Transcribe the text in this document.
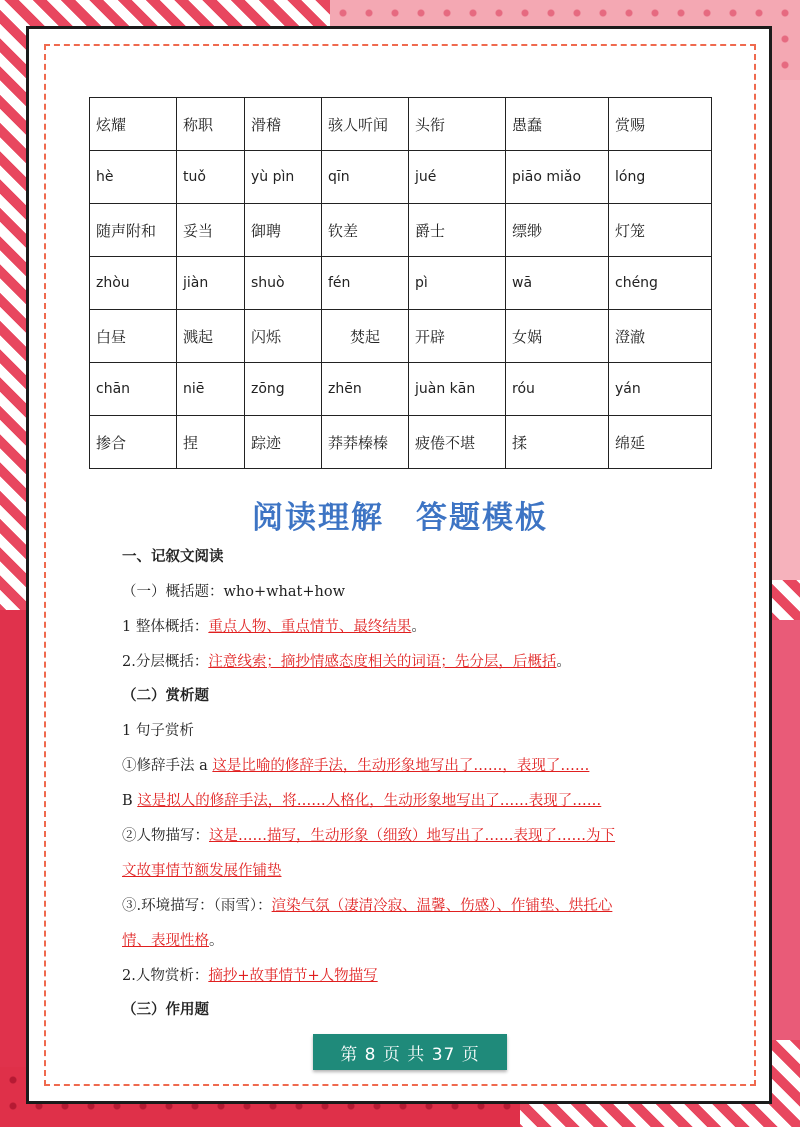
炫耀	称职	滑稽	骇人听闻	头衔	愚蠢	赏赐
hè	tuǒ	yù pìn	qīn	jué	piāo miǎo	lóng
随声附和	妥当	御聘	钦差	爵士	缥缈	灯笼
zhòu	jiàn	shuò	fén	pì	wā	chéng
白昼	溅起	闪烁	焚起	开辟	女娲	澄澈
chān	niē	zōng	zhēn	juàn kān	róu	yán
掺合	捏	踪迹	莽莽榛榛	疲倦不堪	揉	绵延
阅读理解 答题模板
一、记叙文阅读
（一）概括题：who+what+how
1 整体概括：重点人物、重点情节、最终结果。
2.分层概括：注意线索；摘抄情感态度相关的词语；先分层，后概括。
（二）赏析题
1 句子赏析
①修辞手法 a 这是比喻的修辞手法，生动形象地写出了……，表现了……
B 这是拟人的修辞手法，将……人格化，生动形象地写出了……表现了……
②人物描写：这是……描写，生动形象（细致）地写出了……表现了……为下
文故事情节额发展作铺垫
③.环境描写：（雨雪）：渲染气氛（凄清冷寂、温馨、伤感）、作铺垫、烘托心
情、表现性格。
2.人物赏析：摘抄+故事情节+人物描写
（三）作用题
第 8 页 共 37 页
